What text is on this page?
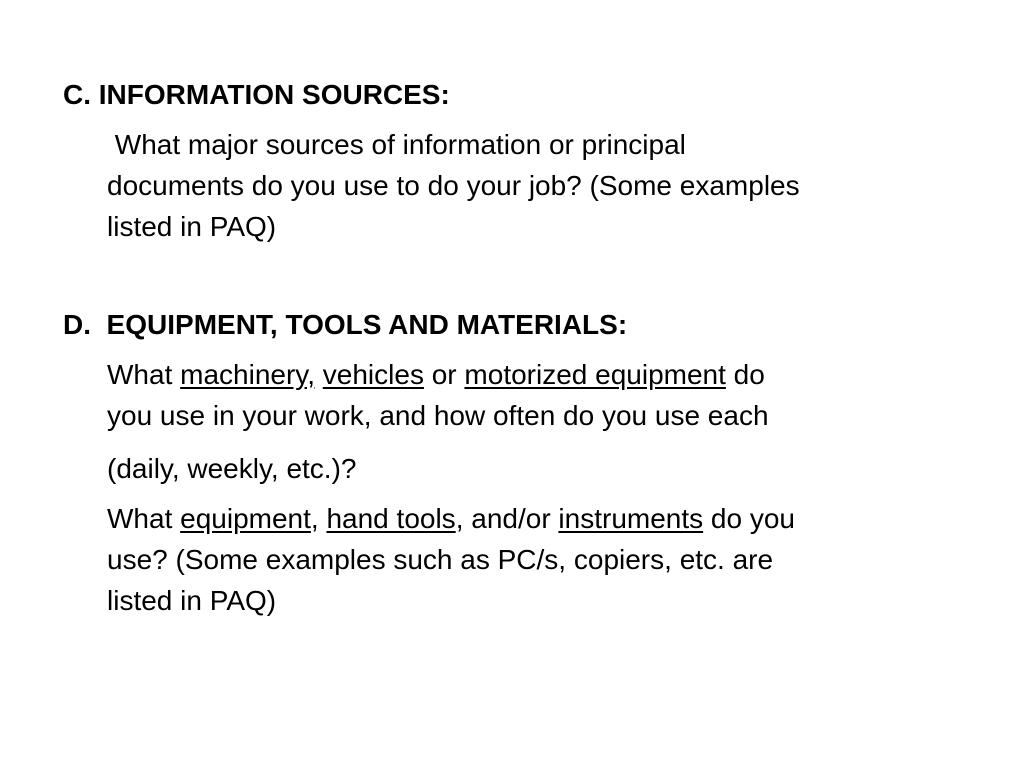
C. INFORMATION SOURCES:
What major sources of information or principal
documents do you use to do your job? (Some examples
listed in PAQ)
D.  EQUIPMENT, TOOLS AND MATERIALS:
What machinery, vehicles or motorized equipment do
you use in your work, and how often do you use each
(daily, weekly, etc.)?
What equipment, hand tools, and/or instruments do you
use? (Some examples such as PC/s, copiers, etc. are
listed in PAQ)
